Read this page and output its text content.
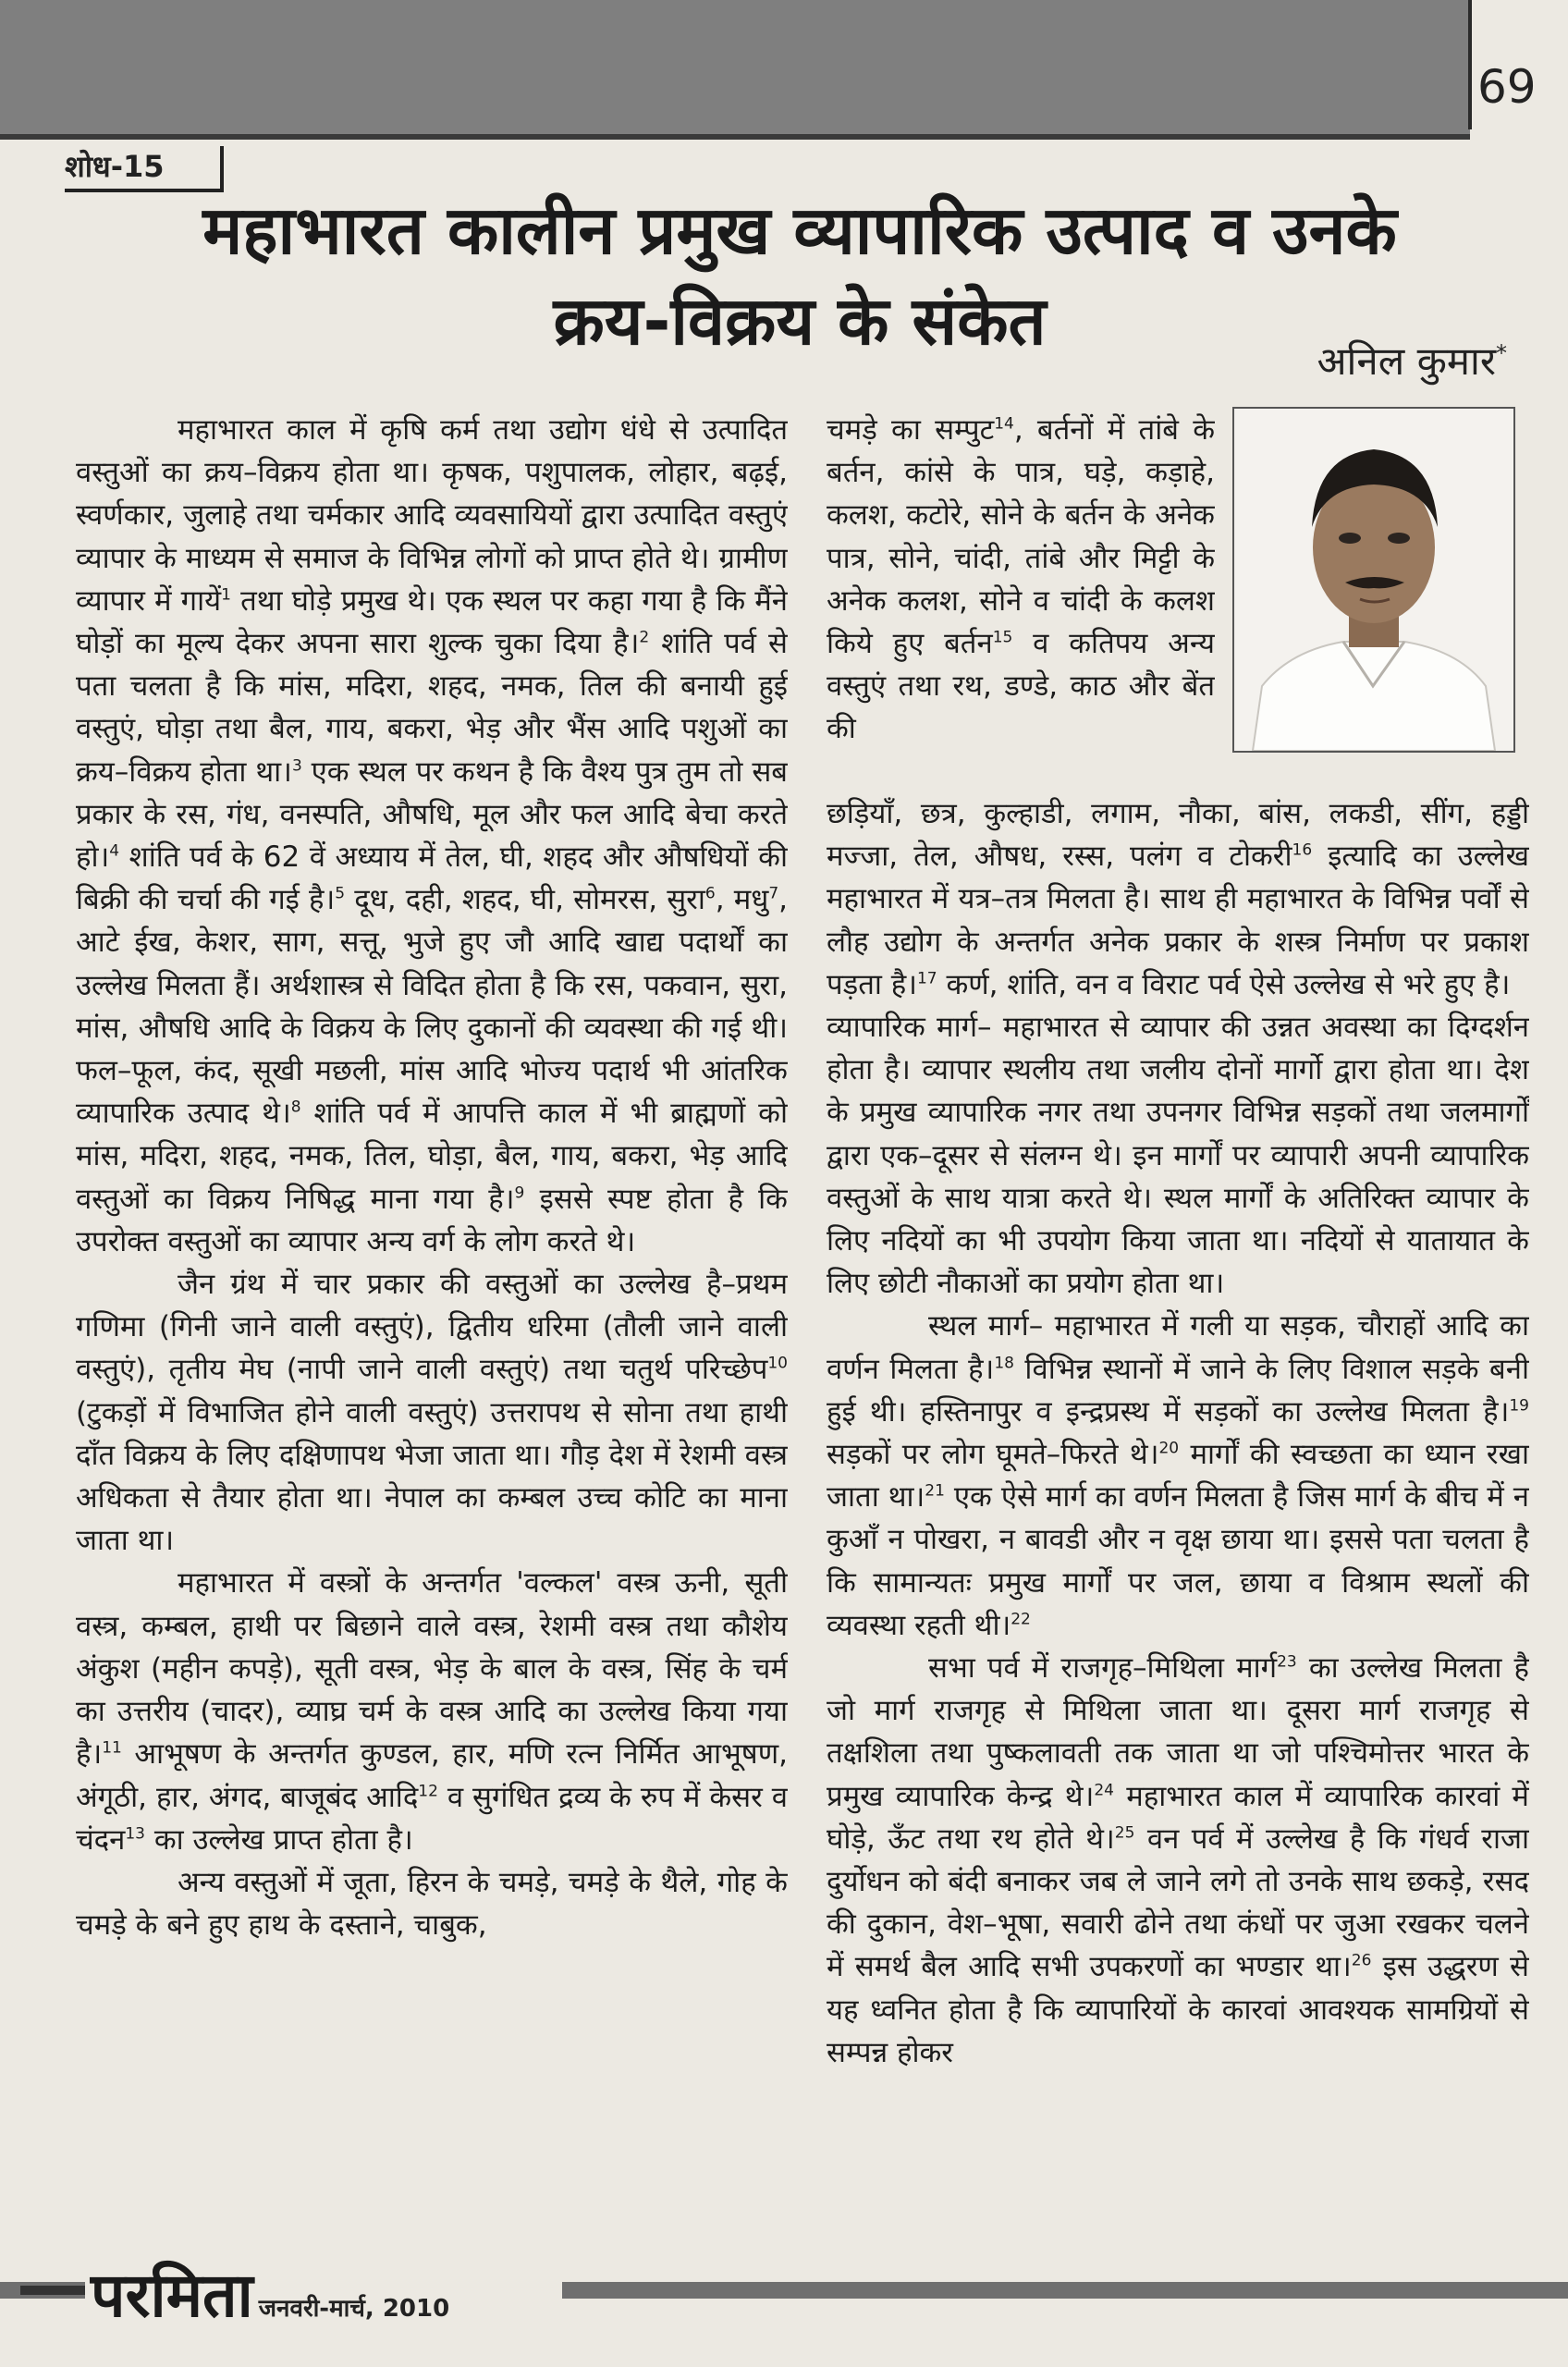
69
शोध-15
महाभारत कालीन प्रमुख व्यापारिक उत्पाद व उनके
क्रय-विक्रय के संकेत
अनिल कुमार*

महाभारत काल में कृषि कर्म तथा उद्योग धंधे से उत्पादित वस्तुओं का क्रय–विक्रय होता था। कृषक, पशुपालक, लोहार, बढ़ई, स्वर्णकार, जुलाहे तथा चर्मकार आदि व्यवसायियों द्वारा उत्पादित वस्तुएं व्यापार के माध्यम से समाज के विभिन्न लोगों को प्राप्त होते थे। ग्रामीण व्यापार में गायें$^1$ तथा घोड़े प्रमुख थे। एक स्थल पर कहा गया है कि मैंने घोड़ों का मूल्य देकर अपना सारा शुल्क चुका दिया है।$^2$ शांति पर्व से पता चलता है कि मांस, मदिरा, शहद, नमक, तिल की बनायी हुई वस्तुएं, घोड़ा तथा बैल, गाय, बकरा, भेड़ और भैंस आदि पशुओं का क्रय–विक्रय होता था।$^3$ एक स्थल पर कथन है कि वैश्य पुत्र तुम तो सब प्रकार के रस, गंध, वनस्पति, औषधि, मूल और फल आदि बेचा करते हो।$^4$ शांति पर्व के 62 वें अध्याय में तेल, घी, शहद और औषधियों की बिक्री की चर्चा की गई है।$^5$ दूध, दही, शहद, घी, सोमरस, सुरा$^6$, मधु$^7$, आटे ईख, केशर, साग, सत्तू, भुजे हुए जौ आदि खाद्य पदार्थों का उल्लेख मिलता हैं। अर्थशास्त्र से विदित होता है कि रस, पकवान, सुरा, मांस, औषधि आदि के विक्रय के लिए दुकानों की व्यवस्था की गई थी। फल–फूल, कंद, सूखी मछली, मांस आदि भोज्य पदार्थ भी आंतरिक व्यापारिक उत्पाद थे।$^8$ शांति पर्व में आपत्ति काल में भी ब्राह्मणों को मांस, मदिरा, शहद, नमक, तिल, घोड़ा, बैल, गाय, बकरा, भेड़ आदि वस्तुओं का विक्रय निषिद्ध माना गया है।$^9$ इससे स्पष्ट होता है कि उपरोक्त वस्तुओं का व्यापार अन्य वर्ग के लोग करते थे।

जैन ग्रंथ में चार प्रकार की वस्तुओं का उल्लेख है–प्रथम गणिमा (गिनी जाने वाली वस्तुएं), द्वितीय धरिमा (तौली जाने वाली वस्तुएं), तृतीय मेघ (नापी जाने वाली वस्तुएं) तथा चतुर्थ परिच्छेप$^{10}$ (टुकड़ों में विभाजित होने वाली वस्तुएं) उत्तरापथ से सोना तथा हाथी दाँत विक्रय के लिए दक्षिणापथ भेजा जाता था। गौड़ देश में रेशमी वस्त्र अधिकता से तैयार होता था। नेपाल का कम्बल उच्च कोटि का माना जाता था।

महाभारत में वस्त्रों के अन्तर्गत 'वल्कल' वस्त्र ऊनी, सूती वस्त्र, कम्बल, हाथी पर बिछाने वाले वस्त्र, रेशमी वस्त्र तथा कौशेय अंकुश (महीन कपड़े), सूती वस्त्र, भेड़ के बाल के वस्त्र, सिंह के चर्म का उत्तरीय (चादर), व्याघ्र चर्म के वस्त्र आदि का उल्लेख किया गया है।$^{11}$ आभूषण के अन्तर्गत कुण्डल, हार, मणि रत्न निर्मित आभूषण, अंगूठी, हार, अंगद, बाजूबंद आदि$^{12}$ व सुगंधित द्रव्य के रुप में केसर व चंदन$^{13}$ का उल्लेख प्राप्त होता है।

अन्य वस्तुओं में जूता, हिरन के चमड़े, चमड़े के थैले, गोह के चमड़े के बने हुए हाथ के दस्ताने, चाबुक,

चमड़े का सम्पुट$^{14}$, बर्तनों में तांबे के बर्तन, कांसे के पात्र, घड़े, कड़ाहे, कलश, कटोरे, सोने के बर्तन के अनेक पात्र, सोने, चांदी, तांबे और मिट्टी के अनेक कलश, सोने व चांदी के कलश किये हुए बर्तन$^{15}$ व कतिपय अन्य वस्तुएं तथा रथ, डण्डे, काठ और बेंत की

छड़ियाँ, छत्र, कुल्हाडी, लगाम, नौका, बांस, लकडी, सींग, हड्डी मज्जा, तेल, औषध, रस्स, पलंग व टोकरी$^{16}$ इत्यादि का उल्लेख महाभारत में यत्र–तत्र मिलता है। साथ ही महाभारत के विभिन्न पर्वों से लौह उद्योग के अन्तर्गत अनेक प्रकार के शस्त्र निर्माण पर प्रकाश पड़ता है।$^{17}$ कर्ण, शांति, वन व विराट पर्व ऐसे उल्लेख से भरे हुए है।

व्यापारिक मार्ग– महाभारत से व्यापार की उन्नत अवस्था का दिग्दर्शन होता है। व्यापार स्थलीय तथा जलीय दोनों मार्गो द्वारा होता था। देश के प्रमुख व्यापारिक नगर तथा उपनगर विभिन्न सड़कों तथा जलमार्गों द्वारा एक–दूसर से संलग्न थे। इन मार्गों पर व्यापारी अपनी व्यापारिक वस्तुओं के साथ यात्रा करते थे। स्थल मार्गों के अतिरिक्त व्यापार के लिए नदियों का भी उपयोग किया जाता था। नदियों से यातायात के लिए छोटी नौकाओं का प्रयोग होता था।

स्थल मार्ग– महाभारत में गली या सड़क, चौराहों आदि का वर्णन मिलता है।$^{18}$ विभिन्न स्थानों में जाने के लिए विशाल सड़के बनी हुई थी। हस्तिनापुर व इन्द्रप्रस्थ में सड़कों का उल्लेख मिलता है।$^{19}$ सड़कों पर लोग घूमते–फिरते थे।$^{20}$ मार्गों की स्वच्छता का ध्यान रखा जाता था।$^{21}$ एक ऐसे मार्ग का वर्णन मिलता है जिस मार्ग के बीच में न कुआँ न पोखरा, न बावडी और न वृक्ष छाया था। इससे पता चलता है कि सामान्यतः प्रमुख मार्गों पर जल, छाया व विश्राम स्थलों की व्यवस्था रहती थी।$^{22}$

सभा पर्व में राजगृह–मिथिला मार्ग$^{23}$ का उल्लेख मिलता है जो मार्ग राजगृह से मिथिला जाता था। दूसरा मार्ग राजगृह से तक्षशिला तथा पुष्कलावती तक जाता था जो पश्चिमोत्तर भारत के प्रमुख व्यापारिक केन्द्र थे।$^{24}$ महाभारत काल में व्यापारिक कारवां में घोड़े, ऊँट तथा रथ होते थे।$^{25}$ वन पर्व में उल्लेख है कि गंधर्व राजा दुर्योधन को बंदी बनाकर जब ले जाने लगे तो उनके साथ छकड़े, रसद की दुकान, वेश–भूषा, सवारी ढोने तथा कंधों पर जुआ रखकर चलने में समर्थ बैल आदि सभी उपकरणों का भण्डार था।$^{26}$ इस उद्धरण से यह ध्वनित होता है कि व्यापारियों के कारवां आवश्यक सामग्रियों से सम्पन्न होकर

परमिता जनवरी-मार्च, 2010
